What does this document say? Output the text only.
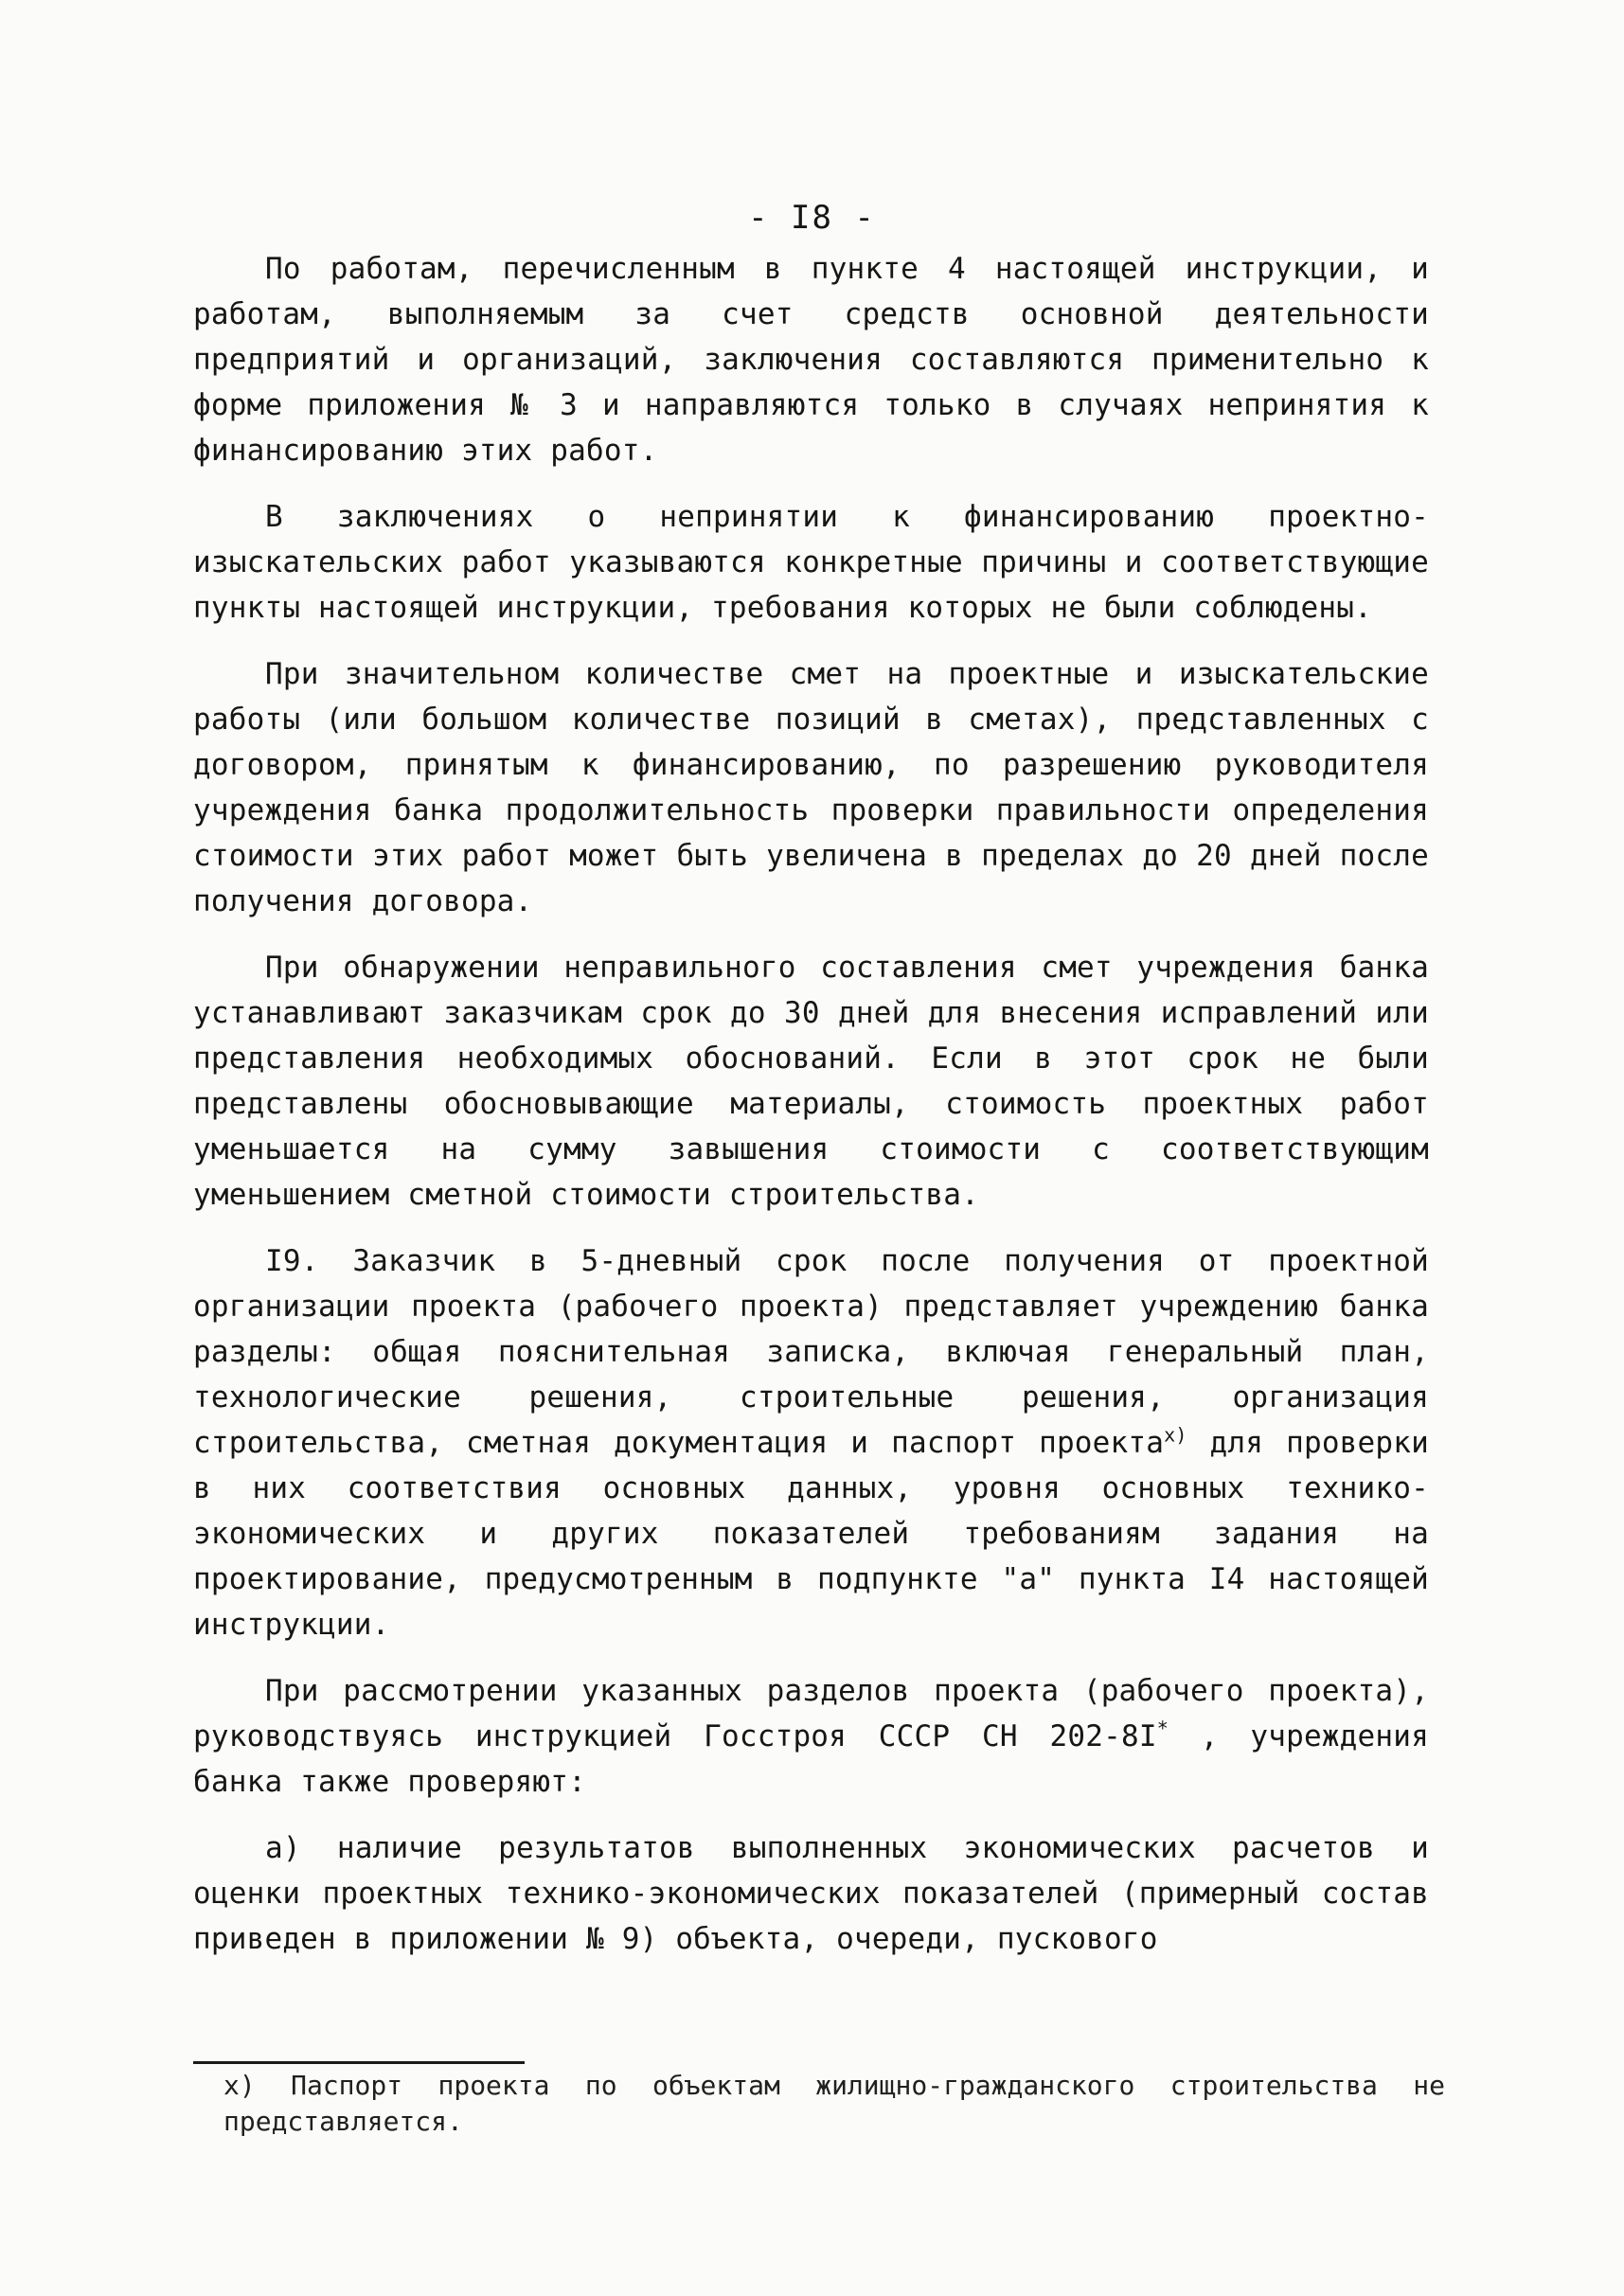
- I8 -

По работам, перечисленным в пункте 4 настоящей инструкции, и работам, выполняемым за счет средств основной деятельности предприятий и организаций, заключения составляются применительно к форме приложения № 3 и направляются только в случаях непринятия к финансированию этих работ.

В заключениях о непринятии к финансированию проектно-изыскательских работ указываются конкретные причины и соответствующие пункты настоящей инструкции, требования которых не были соблюдены.

При значительном количестве смет на проектные и изыскательские работы (или большом количестве позиций в сметах), представленных с договором, принятым к финансированию, по разрешению руководителя учреждения банка продолжительность проверки правильности определения стоимости этих работ может быть увеличена в пределах до 20 дней после получения договора.

При обнаружении неправильного составления смет учреждения банка устанавливают заказчикам срок до 30 дней для внесения исправлений или представления необходимых обоснований. Если в этот срок не были представлены обосновывающие материалы, стоимость проектных работ уменьшается на сумму завышения стоимости с соответствующим уменьшением сметной стоимости строительства.

I9. Заказчик в 5-дневный срок после получения от проектной организации проекта (рабочего проекта) представляет учреждению банка разделы: общая пояснительная записка, включая генеральный план, технологические решения, строительные решения, организация строительства, сметная документация и паспорт проекта$^{x)}$ для проверки в них соответствия основных данных, уровня основных технико-экономических и других показателей требованиям задания на проектирование, предусмотренным в подпункте "а" пункта I4 настоящей инструкции.

При рассмотрении указанных разделов проекта (рабочего проекта), руководствуясь инструкцией Госстроя СССР СН 202-8I* , учреждения банка также проверяют:

а) наличие результатов выполненных экономических расчетов и оценки проектных технико-экономических показателей (примерный состав приведен в приложении № 9) объекта, очереди, пускового

х) Паспорт проекта по объектам жилищно-гражданского строительства не представляется.
